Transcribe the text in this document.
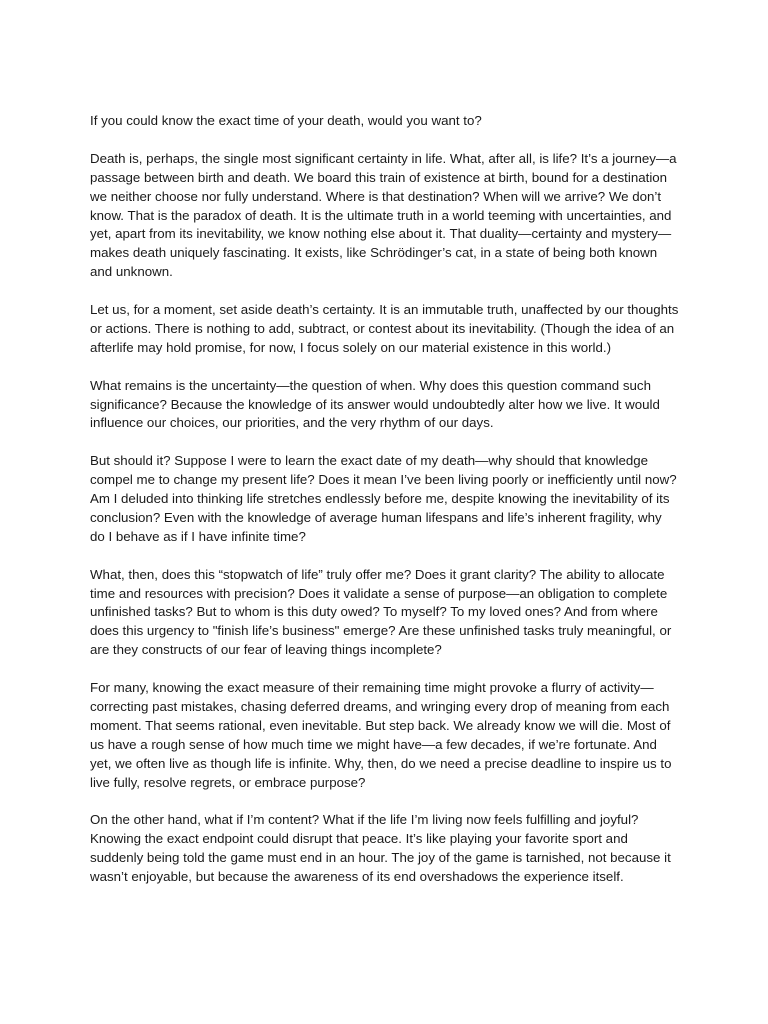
If you could know the exact time of your death, would you want to?

Death is, perhaps, the single most significant certainty in life. What, after all, is life? It’s a journey—a passage between birth and death. We board this train of existence at birth, bound for a destination we neither choose nor fully understand. Where is that destination? When will we arrive? We don’t know. That is the paradox of death. It is the ultimate truth in a world teeming with uncertainties, and yet, apart from its inevitability, we know nothing else about it. That duality—certainty and mystery—makes death uniquely fascinating. It exists, like Schrödinger’s cat, in a state of being both known and unknown.

Let us, for a moment, set aside death’s certainty. It is an immutable truth, unaffected by our thoughts or actions. There is nothing to add, subtract, or contest about its inevitability. (Though the idea of an afterlife may hold promise, for now, I focus solely on our material existence in this world.)

What remains is the uncertainty—the question of when. Why does this question command such significance? Because the knowledge of its answer would undoubtedly alter how we live. It would influence our choices, our priorities, and the very rhythm of our days.

But should it? Suppose I were to learn the exact date of my death—why should that knowledge compel me to change my present life? Does it mean I’ve been living poorly or inefficiently until now? Am I deluded into thinking life stretches endlessly before me, despite knowing the inevitability of its conclusion? Even with the knowledge of average human lifespans and life’s inherent fragility, why do I behave as if I have infinite time?

What, then, does this “stopwatch of life” truly offer me? Does it grant clarity? The ability to allocate time and resources with precision? Does it validate a sense of purpose—an obligation to complete unfinished tasks? But to whom is this duty owed? To myself? To my loved ones? And from where does this urgency to "finish life’s business" emerge? Are these unfinished tasks truly meaningful, or are they constructs of our fear of leaving things incomplete?

For many, knowing the exact measure of their remaining time might provoke a flurry of activity—correcting past mistakes, chasing deferred dreams, and wringing every drop of meaning from each moment. That seems rational, even inevitable. But step back. We already know we will die. Most of us have a rough sense of how much time we might have—a few decades, if we’re fortunate. And yet, we often live as though life is infinite. Why, then, do we need a precise deadline to inspire us to live fully, resolve regrets, or embrace purpose?

On the other hand, what if I’m content? What if the life I’m living now feels fulfilling and joyful? Knowing the exact endpoint could disrupt that peace. It’s like playing your favorite sport and suddenly being told the game must end in an hour. The joy of the game is tarnished, not because it wasn’t enjoyable, but because the awareness of its end overshadows the experience itself.
